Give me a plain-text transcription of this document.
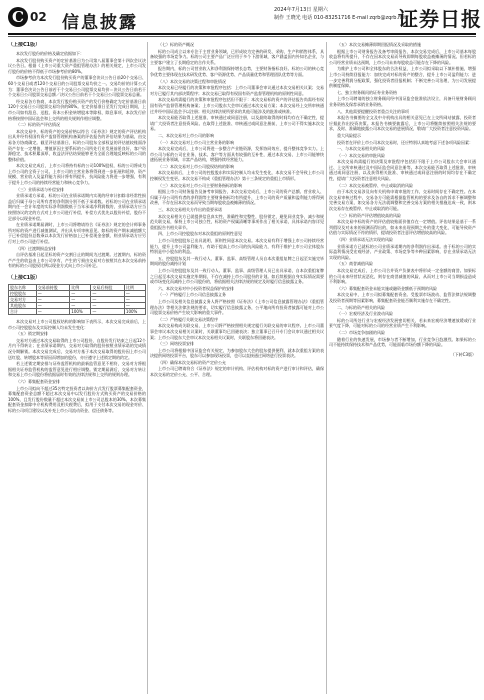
C 02 信息披露
2024年7月13日 星期六
制作 王晓光 电话 010-83251716 E-mail zqrb@zqrb.net
证券日报
（上接C1版）

本次发行股份的价格及确定依据如下：

本次发行股份购买资产的定价基准日为公司第八届董事会第十四次会议决议公告日。根据《上市公司重大资产重组管理办法》的相关规定，上市公司发行股份的价格不得低于市场参考价的80%。

市场参考价为本次发行股份购买资产的董事会决议公告日前20个交易日、60个交易日或者120个交易日的公司股票交易均价之一。交易均价的计算公式为：董事会决议公告日前若干个交易日公司股票交易均价＝决议公告日前若干个交易日公司股票交易总额／决议公告日前若干个交易日公司股票交易总量。

经交易各方协商，本次发行股份购买资产的发行价格确定为定价基准日前120个交易日公司股票交易均价的80%。在定价基准日至发行完成日期间，上市公司如有派息、送股、资本公积金转增股本等除权、除息事项，本次发行价格将按照中国证监会和上交所的相关规则作相应调整。

（二）标的资产评估情况

本次交易中，标的资产的交易价格以符合《证券法》规定的资产评估机构出具并经有权国有资产监督管理机构备案的评估报告的评估结果为基础，由交易各方协商确定。截至评估基准日，标的公司股东全部权益的评估值较账面净资产存在一定增值，增值原因主要系标的公司所处行业发展前景良好、客户资源稳定、技术积累深厚，收益法评估结果能够更为全面合理地反映标的公司的整体价值。

本次交易完成后，上市公司将持有标的公司100%股权，标的公司将成为上市公司的全资子公司。上市公司的主营业务将得到进一步拓展和延伸，资产规模、营业收入及盈利能力预计将有所提升，抗风险能力将进一步增强，有利于提升上市公司的持续经营能力和核心竞争力。

（三）业绩承诺与补偿安排

业绩承诺方承诺，标的公司在业绩承诺期内实现的经审计扣除非经常性损益后归属于母公司所有者的净利润分别不低于承诺数。若标的公司在业绩承诺期内任一会计年度的实际净利润数低于当年承诺净利润数的，业绩承诺方应当按照协议约定的方式对上市公司进行补偿，补偿方式优先以股份补偿，股份不足部分以现金补偿。

在业绩承诺期届满时，上市公司将聘请符合《证券法》规定的会计师事务所对标的资产进行减值测试，并出具专项审核意见。如标的资产期末减值额大于已补偿股份总数乘以本次发行价格加上已补偿现金金额，则业绩承诺方应另行对上市公司进行补偿。

（四）过渡期损益安排

自评估基准日起至标的资产交割日止的期间为过渡期。过渡期内，标的资产产生的收益由上市公司享有，产生的亏损由交易对方按照其在本次交易前持有的标的公司股权比例以现金方式向上市公司补足。

（上接C1版）
股东名称	交易前持股	比例	交易后持股	比例
控股股东	—	—	—	—
交易对方	—	—	—	—
其他股东	—	—	—	—
合计	—	100%	—	100%

本次交易对上市公司股权结构的影响如下表所示，本次交易完成前后，上市公司控股股东及实际控制人均未发生变化：

（五）锁定期安排

交易对方通过本次交易取得的上市公司股份，自股份发行结束之日起12个月内不得转让；在业绩承诺期内，交易对方取得的股份按照业绩承诺的完成情况分期解锁。本次交易完成后，交易对方基于本次交易取得的股份因上市公司送红股、转增股本等原因而增加的股份，亦应遵守上述锁定期的约定。

若上述锁定期安排与证券监管机构的最新监管意见不相符，交易对方将根据相关证券监管机构的监管意见进行相应调整。锁定期届满后，交易对方转让和交易上市公司股份将依据届时有效的法律法规和上交所的规则办理。

（六）募集配套资金安排

上市公司拟向不超过35名特定投资者以询价方式发行股票募集配套资金，募集配套资金总额不超过本次交易中以发行股份方式购买资产的交易价格的100%，且发行股份数量不超过本次交易前上市公司总股本的30%。本次募集配套资金扣除中介机构费用及相关税费后，拟用于支付本次交易的现金对价、标的公司项目建设以及补充上市公司流动资金、偿还债务等。

（七）标的资产概况

标的公司成立以来专注于主营业务领域，已形成较为完善的研发、采购、生产和销售体系，具备较强的市场竞争力。标的公司主要产品广泛应用于多个下游领域，客户涵盖国内外知名企业，与主要客户建立了长期稳定的合作关系。

报告期内，标的公司营业收入和净利润保持增长态势，主要财务指标良好。标的公司的核心竞争优势主要体现在技术研发优势、客户资源优势、产品质量优势和管理团队优势等方面。

（八）本次交易的决策过程和审批情况

本次交易已经履行的决策和审批程序包括：上市公司董事会审议通过本次交易相关议案；交易对方已履行其内部决策程序；本次交易已取得有权国有资产监督管理机构的原则性同意。

本次交易尚需履行的决策和审批程序包括但不限于：本次交易标的资产的评估报告尚需经有权国有资产监督管理机构备案；上市公司股东大会审议通过本次交易方案；本次交易经上交所审核通过并经中国证监会予以注册；相关法律法规所要求的其他可能涉及的批准或核准。

本次交易能否取得上述批准、审核通过或同意注册，以及最终取得的时间均存在不确定性，提请广大投资者注意投资风险。在取得上述批准、审核通过或同意注册前，上市公司不得实施本次交易。

二、本次交易对上市公司的影响

（一）本次交易对上市公司主营业务的影响

本次交易完成后，上市公司将进一步整合产业链资源，发挥协同效应，提升整体竞争实力。上市公司与标的公司在业务、技术、客户等方面具有较强的互补性，通过本次交易，上市公司能够快速拓展业务领域，丰富产品结构，增强持续经营能力。

（二）本次交易对上市公司股权结构的影响

本次交易前后，上市公司的控股股东和实际控制人均未发生变化，本次交易不会导致上市公司控制权发生变更。本次交易不构成《重组管理办法》第十三条规定的重组上市情形。

（三）本次交易对上市公司主要财务指标的影响

根据上市公司财务报告及备考审阅报告，本次交易完成后，上市公司的资产总额、营业收入、归属于母公司所有者的净利润等主要财务指标均有所提升，上市公司的资产质量和盈利能力将得到改善，不存在因本次交易而导致当期每股收益被摊薄的情况。

三、本次交易相关方作出的重要承诺

本次交易相关方已就提供信息真实性、准确性和完整性，股份锁定，避免同业竞争，减少和规范关联交易，保持上市公司独立性，标的资产权属清晰等事项作出了相关承诺，具体承诺内容详见重组报告书相关章节。

四、上市公司控股股东对本次重组的原则性意见

上市公司控股股东已出具说明，原则性同意本次交易。本次交易有利于增强上市公司持续经营能力，提升上市公司盈利能力，有助于提高上市公司的抗风险能力，有利于维护上市公司全体股东特别是中小股东的利益。

五、控股股东及其一致行动人、董事、监事、高级管理人员自本次重组复牌之日起至实施完毕期间的股份减持计划

上市公司控股股东及其一致行动人、董事、监事、高级管理人员已出具承诺，自本次重组复牌之日起至本次交易实施完毕期间，不存在减持上市公司股份的计划。如后续根据自身实际情况需要或市场变化而减持上市公司股份的，将依据相关法律法规的规定及时履行信息披露义务。

六、本次交易对中小投资者权益保护的安排

（一）严格履行上市公司信息披露义务

上市公司及相关信息披露义务人将严格按照《证券法》《上市公司信息披露管理办法》《重组管理办法》等相关法律法规的要求，切实履行信息披露义务，公平地向所有投资者披露可能对上市公司股票交易价格产生较大影响的重大事件。

（二）严格履行关联交易决策程序

本次交易构成关联交易，上市公司将严格按照相关规定履行关联交易的审议程序。上市公司董事会审议本次交易相关议案时，关联董事均已回避表决；独立董事已召开专门会议审议通过相关议案；上市公司股东大会审议本次交易相关议案时，关联股东将回避表决。

（三）网络投票安排

上市公司将根据中国证监会有关规定，为参加股东大会的股东提供便利，就本次重组方案的表决提供网络投票平台，股东可以参加现场投票，也可以直接通过网络进行投票表决。

（四）确保本次交易标的资产定价公允

上市公司已聘请符合《证券法》规定的审计机构、评估机构对标的资产进行审计和评估，确保本次交易的定价公允、公平、合理。

（五）本次交易摊薄即期回报情况及采取的措施

根据上市公司财务报告及备考审阅报告，本次交易完成后，上市公司基本每股收益将有所提升，不存在因本次交易而导致即期每股收益被摊薄的情况。但若标的公司经营业绩未达预期，上市公司未来每股收益可能存在下降的风险。

为维护上市公司和全体股东的合法权益，上市公司拟采取以下填补措施，增强上市公司持续回报能力：加快完成对标的资产的整合，提升上市公司盈利能力；进一步完善利润分配政策，强化投资者回报机制；不断完善公司治理，为公司发展提供制度保障。

七、独立财务顾问的证券业务资格

上市公司聘请的独立财务顾问经中国证监会批准依法设立，具备开展财务顾问业务资格及保荐承销业务资格。

八、其他需要提醒投资者重点关注的事项

本报告书摘要的全文及中介机构出具的相关意见已在上交所网站披露，投资者应据此作出投资决策。本报告书摘要披露后，上市公司将继续按照相关法规的要求，及时、准确地披露公司本次交易的进展情况，敬请广大投资者注意投资风险。

重大风险提示

投资者在评价上市公司本次交易时，还应特别认真地考虑下述各项风险因素：

一、与本次交易相关的风险

（一）本次交易的审批风险

本次交易尚需履行的决策及审批程序包括但不限于上市公司股东大会审议通过、上交所审核通过及中国证监会同意注册等。本次交易能否取得上述批准、审核通过或同意注册，以及获得相关批准、审核通过或同意注册的时间均存在不确定性，提请广大投资者注意相关风险。

（二）本次交易被暂停、中止或取消的风险

由于本次交易涉及向有关机构申请审批的工作，交易时间存在不确定性。在本次交易审核过程中，交易各方可能需根据监管机构的要求及各自的诉求不断调整和完善交易方案，如交易各方无法就调整和完善交易方案的相关措施达成一致，则本次交易存在被暂停、中止或取消的可能。

（三）标的资产评估增值较高的风险

本次交易中标的资产的评估值较账面价值存在一定增值。评估结果是基于一系列假设及对未来的预测而得出的，如未来出现预期之外的重大变化，可能导致资产估值与实际情况不符的情形，提请投资者注意评估增值较高的风险。

（四）业绩承诺无法实现的风险

业绩承诺方已就标的公司业绩承诺期内的净利润作出承诺。由于标的公司的实际盈利情况受宏观经济、产业政策、市场竞争等多种因素影响，存在业绩承诺无法实现的风险。

（五）商誉减值风险

本次交易完成后，上市公司合并资产负债表中将形成一定金额的商誉。如果标的公司未来经营状况恶化，则存在商誉减值的风险，从而对上市公司当期损益造成不利影响。

（六）募集配套资金未能实施或融资金额低于预期的风险

本次交易中，上市公司拟募集配套资金。受股票市场波动、监管法律法规调整及投资者预期等因素影响，募集配套资金能否顺利实施存在不确定性。

二、与标的资产相关的风险

（一）宏观经济及行业波动风险

标的公司所处行业与宏观经济发展密切相关，若未来宏观经济增速放缓或行业景气度下降，可能对标的公司的经营业绩产生不利影响。

（二）市场竞争加剧的风险

随着行业的快速发展，市场参与者不断增加，行业竞争日趋激烈。如果标的公司不能持续保持技术和产品优势，可能面临市场份额下降的风险。

（下转C3版）
